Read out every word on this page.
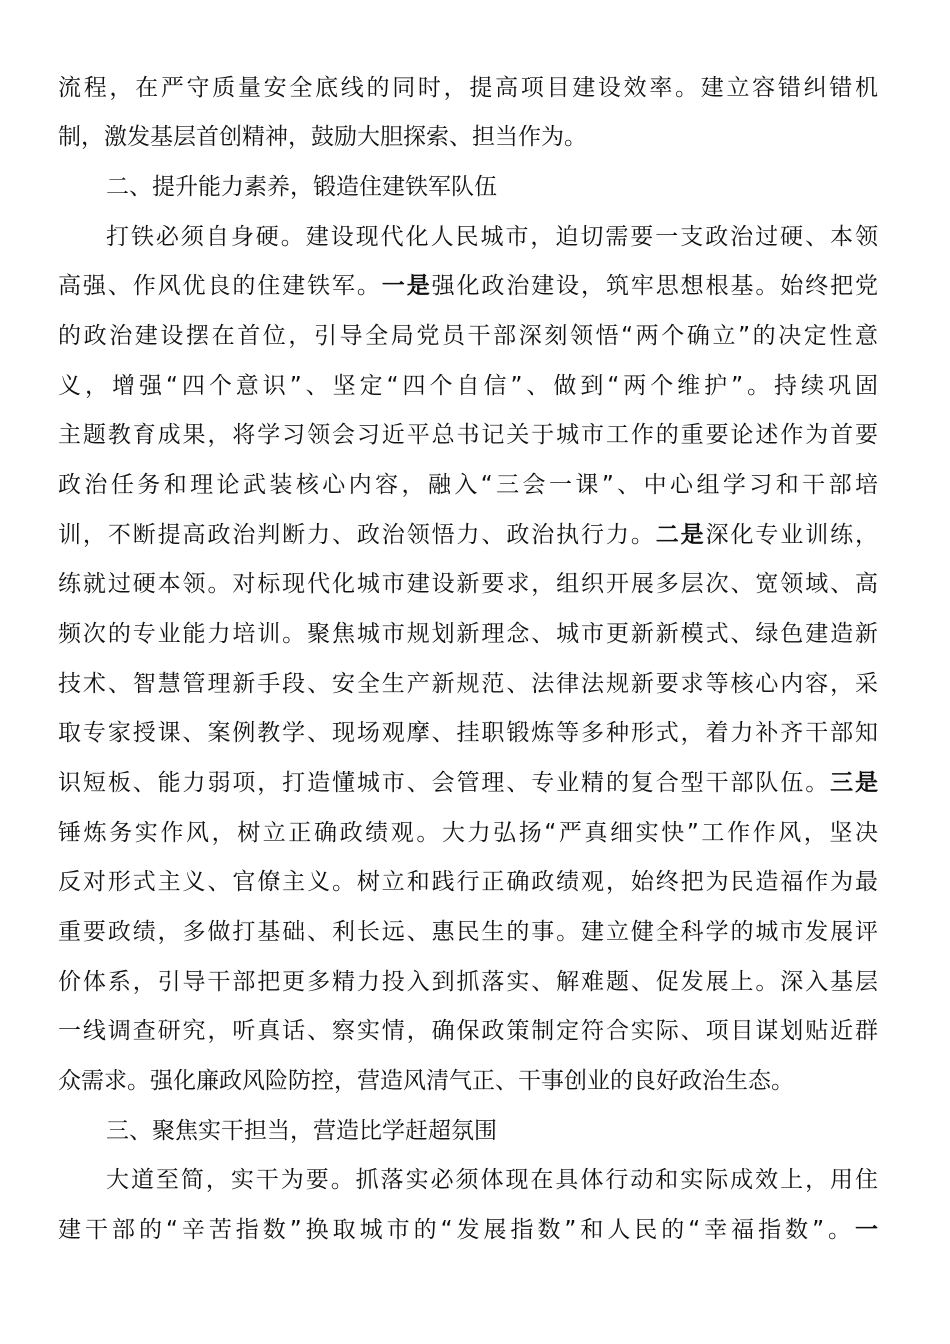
流程，在严守质量安全底线的同时，提高项目建设效率。建立容错纠错机
制，激发基层首创精神，鼓励大胆探索、担当作为。
二、提升能力素养，锻造住建铁军队伍
打铁必须自身硬。建设现代化人民城市，迫切需要一支政治过硬、本领
高强、作风优良的住建铁军。一是强化政治建设，筑牢思想根基。始终把党
的政治建设摆在首位，引导全局党员干部深刻领悟“两个确立”的决定性意
义，增强“四个意识”、坚定“四个自信”、做到“两个维护”。持续巩固
主题教育成果，将学习领会习近平总书记关于城市工作的重要论述作为首要
政治任务和理论武装核心内容，融入“三会一课”、中心组学习和干部培
训，不断提高政治判断力、政治领悟力、政治执行力。二是深化专业训练，
练就过硬本领。对标现代化城市建设新要求，组织开展多层次、宽领域、高
频次的专业能力培训。聚焦城市规划新理念、城市更新新模式、绿色建造新
技术、智慧管理新手段、安全生产新规范、法律法规新要求等核心内容，采
取专家授课、案例教学、现场观摩、挂职锻炼等多种形式，着力补齐干部知
识短板、能力弱项，打造懂城市、会管理、专业精的复合型干部队伍。三是
锤炼务实作风，树立正确政绩观。大力弘扬“严真细实快”工作作风，坚决
反对形式主义、官僚主义。树立和践行正确政绩观，始终把为民造福作为最
重要政绩，多做打基础、利长远、惠民生的事。建立健全科学的城市发展评
价体系，引导干部把更多精力投入到抓落实、解难题、促发展上。深入基层
一线调查研究，听真话、察实情，确保政策制定符合实际、项目谋划贴近群
众需求。强化廉政风险防控，营造风清气正、干事创业的良好政治生态。
三、聚焦实干担当，营造比学赶超氛围
大道至简，实干为要。抓落实必须体现在具体行动和实际成效上，用住
建干部的“辛苦指数”换取城市的“发展指数”和人民的“幸福指数”。一
